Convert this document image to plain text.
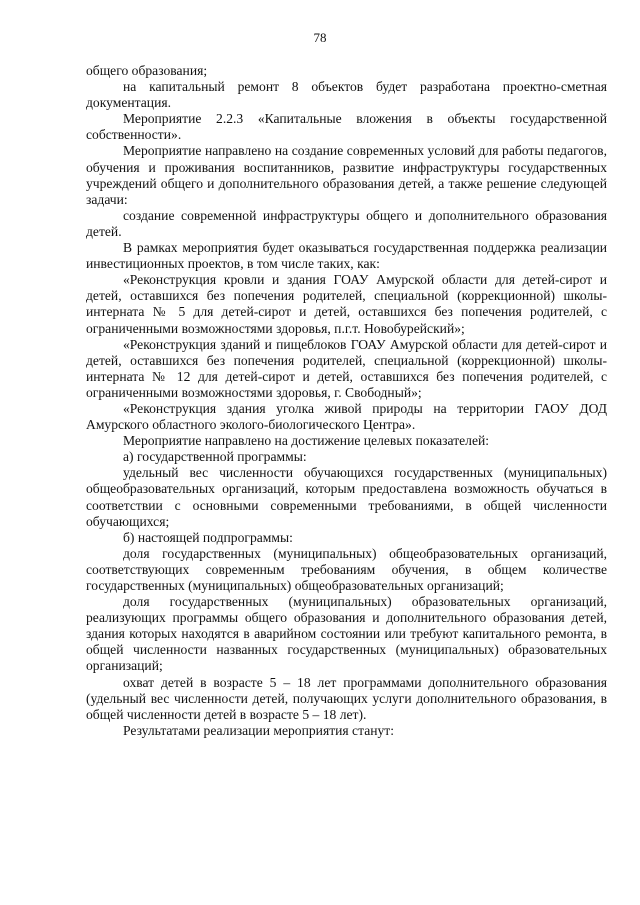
78

общего образования;

на капитальный ремонт 8 объектов будет разработана проектно-сметная документация.

Мероприятие 2.2.3 «Капитальные вложения в объекты государственной собственности».

Мероприятие направлено на создание современных условий для работы педагогов, обучения и проживания воспитанников, развитие инфраструктуры государственных учреждений общего и дополнительного образования детей, а также решение следующей задачи:

создание современной инфраструктуры общего и дополнительного образования детей.

В рамках мероприятия будет оказываться государственная поддержка реализации инвестиционных проектов, в том числе таких, как:

«Реконструкция кровли и здания ГОАУ Амурской области для детей-сирот и детей, оставшихся без попечения родителей, специальной (коррекционной) школы-интерната № 5 для детей-сирот и детей, оставшихся без попечения родителей, с ограниченными возможностями здоровья, п.г.т. Новобурейский»;

«Реконструкция зданий и пищеблоков ГОАУ Амурской области для детей-сирот и детей, оставшихся без попечения родителей, специальной (коррекционной) школы-интерната № 12 для детей-сирот и детей, оставшихся без попечения родителей, с ограниченными возможностями здоровья, г. Свободный»;

«Реконструкция здания уголка живой природы на территории ГАОУ ДОД Амурского областного эколого-биологического Центра».

Мероприятие направлено на достижение целевых показателей:

а) государственной программы:

удельный вес численности обучающихся государственных (муниципальных) общеобразовательных организаций, которым предоставлена возможность обучаться в соответствии с основными современными требованиями, в общей численности обучающихся;

б) настоящей подпрограммы:

доля государственных (муниципальных) общеобразовательных организаций, соответствующих современным требованиям обучения, в общем количестве государственных (муниципальных) общеобразовательных организаций;

доля государственных (муниципальных) образовательных организаций, реализующих программы общего образования и дополнительного образования детей, здания которых находятся в аварийном состоянии или требуют капитального ремонта, в общей численности названных государственных (муниципальных) образовательных организаций;

охват детей в возрасте 5 – 18 лет программами дополнительного образования (удельный вес численности детей, получающих услуги дополнительного образования, в общей численности детей в возрасте 5 – 18 лет).

Результатами реализации мероприятия станут:
